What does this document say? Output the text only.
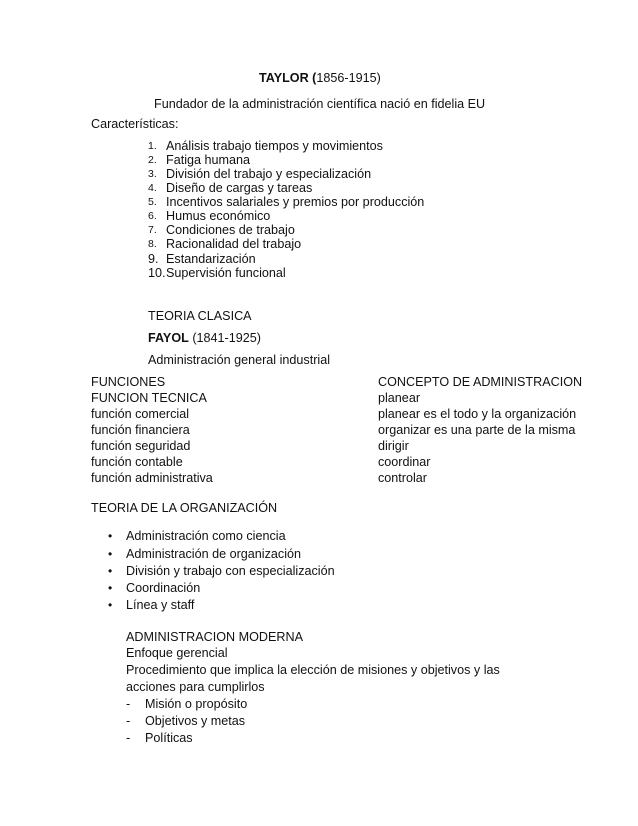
TAYLOR (1856-1915)
Fundador de la administración científica nació en fidelia EU
Características:
1. Análisis trabajo tiempos y movimientos
2. Fatiga humana
3. División del trabajo y especialización
4. Diseño de cargas y tareas
5. Incentivos salariales y premios por producción
6. Humus económico
7. Condiciones de trabajo
8. Racionalidad del trabajo
9. Estandarización
10. Supervisión funcional
TEORIA CLASICA
FAYOL (1841-1925)
Administración general industrial
FUNCIONES
FUNCION TECNICA
función comercial
función financiera
función seguridad
función contable
función administrativa
CONCEPTO DE ADMINISTRACION
planear
planear es el todo y la organización
organizar es una parte de la misma
dirigir
coordinar
controlar
TEORIA DE LA ORGANIZACIÓN
• Administración como ciencia
• Administración de organización
• División y trabajo con especialización
• Coordinación
• Línea y staff
ADMINISTRACION MODERNA
Enfoque gerencial
Procedimiento que implica la elección de misiones y objetivos y las
acciones para cumplirlos
- Misión o propósito
- Objetivos y metas
- Políticas
